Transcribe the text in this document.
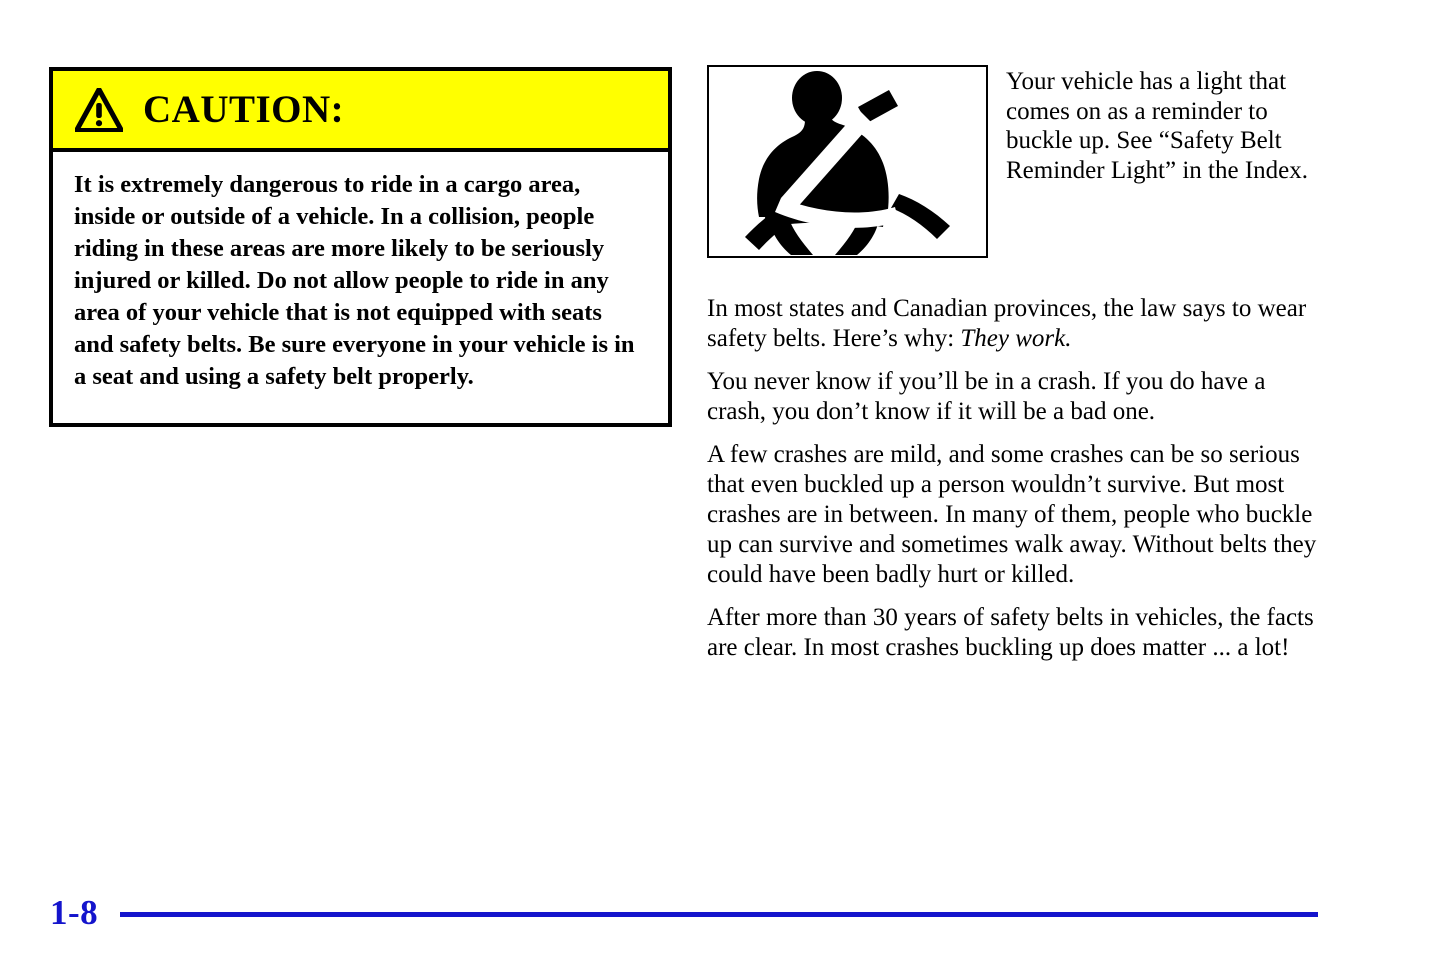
CAUTION:
It is extremely dangerous to ride in a cargo area, inside or outside of a vehicle. In a collision, people riding in these areas are more likely to be seriously injured or killed. Do not allow people to ride in any area of your vehicle that is not equipped with seats and safety belts. Be sure everyone in your vehicle is in a seat and using a safety belt properly.
Your vehicle has a light that comes on as a reminder to buckle up. See “Safety Belt Reminder Light” in the Index.

In most states and Canadian provinces, the law says to wear safety belts. Here’s why: They work.

You never know if you’ll be in a crash. If you do have a crash, you don’t know if it will be a bad one.

A few crashes are mild, and some crashes can be so serious that even buckled up a person wouldn’t survive. But most crashes are in between. In many of them, people who buckle up can survive and sometimes walk away. Without belts they could have been badly hurt or killed.

After more than 30 years of safety belts in vehicles, the facts are clear. In most crashes buckling up does matter ... a lot!

1-8
